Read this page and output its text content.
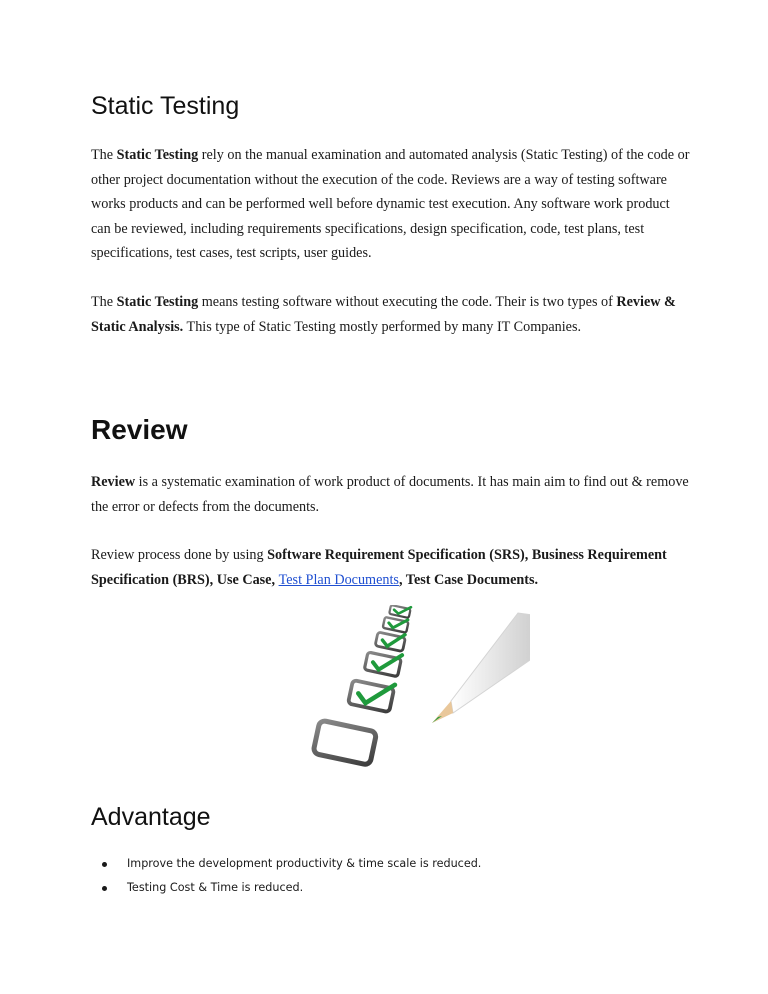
Static Testing

The Static Testing rely on the manual examination and automated analysis (Static Testing) of the code or other project documentation without the execution of the code. Reviews are a way of testing software works products and can be performed well before dynamic test execution. Any software work product can be reviewed, including requirements specifications, design specification, code, test plans, test specifications, test cases, test scripts, user guides.

The Static Testing means testing software without executing the code. Their is two types of Review & Static Analysis. This type of Static Testing mostly performed by many IT Companies.

Review

Review is a systematic examination of work product of documents. It has main aim to find out & remove the error or defects from the documents.

Review process done by using Software Requirement Specification (SRS), Business Requirement Specification (BRS), Use Case, Test Plan Documents, Test Case Documents.

Advantage
Improve the development productivity & time scale is reduced.
Testing Cost & Time is reduced.
